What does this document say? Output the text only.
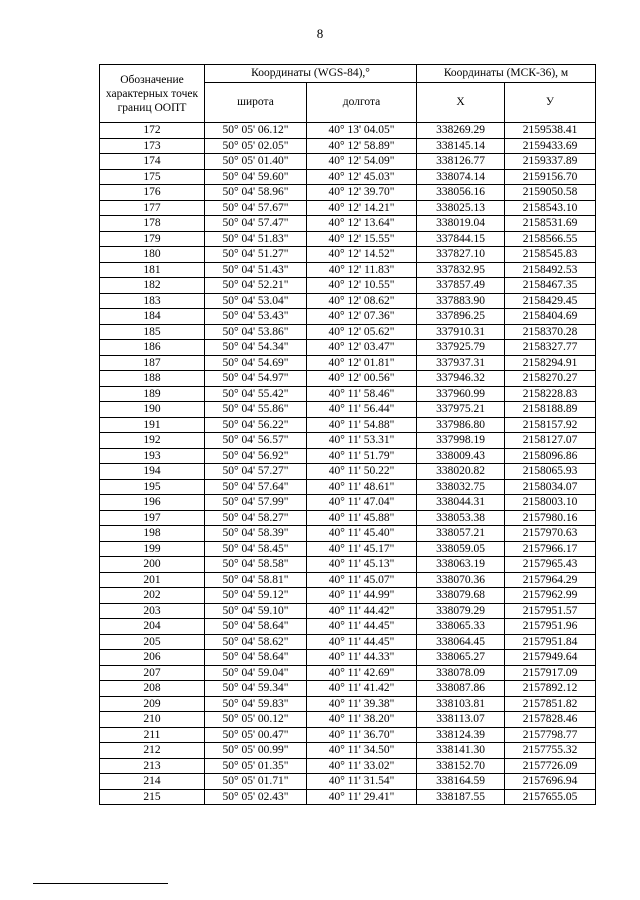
8
Обозначение характерных точек границ ООПТ	Координаты (WGS-84),°		Координаты (МСК-36), м	
	широта	долгота	X	У
172	50° 05' 06.12"	40° 13' 04.05"	338269.29	2159538.41
173	50° 05' 02.05"	40° 12' 58.89"	338145.14	2159433.69
174	50° 05' 01.40"	40° 12' 54.09"	338126.77	2159337.89
175	50° 04' 59.60"	40° 12' 45.03"	338074.14	2159156.70
176	50° 04' 58.96"	40° 12' 39.70"	338056.16	2159050.58
177	50° 04' 57.67"	40° 12' 14.21"	338025.13	2158543.10
178	50° 04' 57.47"	40° 12' 13.64"	338019.04	2158531.69
179	50° 04' 51.83"	40° 12' 15.55"	337844.15	2158566.55
180	50° 04' 51.27"	40° 12' 14.52"	337827.10	2158545.83
181	50° 04' 51.43"	40° 12' 11.83"	337832.95	2158492.53
182	50° 04' 52.21"	40° 12' 10.55"	337857.49	2158467.35
183	50° 04' 53.04"	40° 12' 08.62"	337883.90	2158429.45
184	50° 04' 53.43"	40° 12' 07.36"	337896.25	2158404.69
185	50° 04' 53.86"	40° 12' 05.62"	337910.31	2158370.28
186	50° 04' 54.34"	40° 12' 03.47"	337925.79	2158327.77
187	50° 04' 54.69"	40° 12' 01.81"	337937.31	2158294.91
188	50° 04' 54.97"	40° 12' 00.56"	337946.32	2158270.27
189	50° 04' 55.42"	40° 11' 58.46"	337960.99	2158228.83
190	50° 04' 55.86"	40° 11' 56.44"	337975.21	2158188.89
191	50° 04' 56.22"	40° 11' 54.88"	337986.80	2158157.92
192	50° 04' 56.57"	40° 11' 53.31"	337998.19	2158127.07
193	50° 04' 56.92"	40° 11' 51.79"	338009.43	2158096.86
194	50° 04' 57.27"	40° 11' 50.22"	338020.82	2158065.93
195	50° 04' 57.64"	40° 11' 48.61"	338032.75	2158034.07
196	50° 04' 57.99"	40° 11' 47.04"	338044.31	2158003.10
197	50° 04' 58.27"	40° 11' 45.88"	338053.38	2157980.16
198	50° 04' 58.39"	40° 11' 45.40"	338057.21	2157970.63
199	50° 04' 58.45"	40° 11' 45.17"	338059.05	2157966.17
200	50° 04' 58.58"	40° 11' 45.13"	338063.19	2157965.43
201	50° 04' 58.81"	40° 11' 45.07"	338070.36	2157964.29
202	50° 04' 59.12"	40° 11' 44.99"	338079.68	2157962.99
203	50° 04' 59.10"	40° 11' 44.42"	338079.29	2157951.57
204	50° 04' 58.64"	40° 11' 44.45"	338065.33	2157951.96
205	50° 04' 58.62"	40° 11' 44.45"	338064.45	2157951.84
206	50° 04' 58.64"	40° 11' 44.33"	338065.27	2157949.64
207	50° 04' 59.04"	40° 11' 42.69"	338078.09	2157917.09
208	50° 04' 59.34"	40° 11' 41.42"	338087.86	2157892.12
209	50° 04' 59.83"	40° 11' 39.38"	338103.81	2157851.82
210	50° 05' 00.12"	40° 11' 38.20"	338113.07	2157828.46
211	50° 05' 00.47"	40° 11' 36.70"	338124.39	2157798.77
212	50° 05' 00.99"	40° 11' 34.50"	338141.30	2157755.32
213	50° 05' 01.35"	40° 11' 33.02"	338152.70	2157726.09
214	50° 05' 01.71"	40° 11' 31.54"	338164.59	2157696.94
215	50° 05' 02.43"	40° 11' 29.41"	338187.55	2157655.05
